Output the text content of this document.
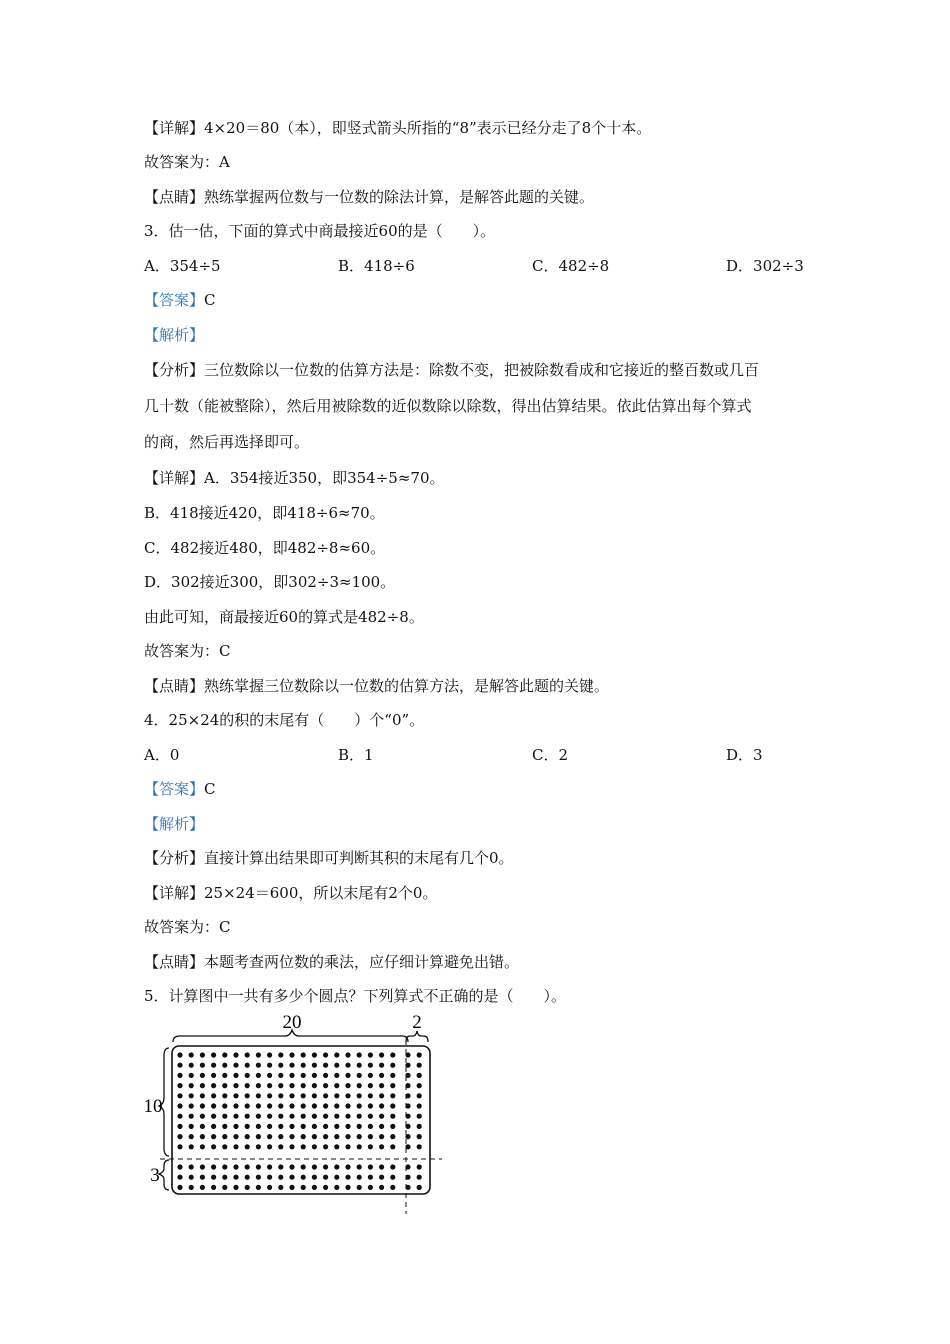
【详解】4×20＝80（本），即竖式箭头所指的“8”表示已经分走了8个十本。
故答案为：A
【点睛】熟练掌握两位数与一位数的除法计算，是解答此题的关键。
3．估一估，下面的算式中商最接近60的是（　　）。
A．354÷5	B．418÷6	C．482÷8	D．302÷3
【答案】C
【解析】
【分析】三位数除以一位数的估算方法是：除数不变，把被除数看成和它接近的整百数或几百
几十数（能被整除），然后用被除数的近似数除以除数，得出估算结果。依此估算出每个算式
的商，然后再选择即可。
【详解】A．354接近350，即354÷5≈70。
B．418接近420，即418÷6≈70。
C．482接近480，即482÷8≈60。
D．302接近300，即302÷3≈100。
由此可知，商最接近60的算式是482÷8。
故答案为：C
【点睛】熟练掌握三位数除以一位数的估算方法，是解答此题的关键。
4．25×24的积的末尾有（　　）个“0”。
A．0	B．1	C．2	D．3
【答案】C
【解析】
【分析】直接计算出结果即可判断其积的末尾有几个0。
【详解】25×24＝600，所以末尾有2个0。
故答案为：C
【点睛】本题考查两位数的乘法，应仔细计算避免出错。
5．计算图中一共有多少个圆点？下列算式不正确的是（　　）。
20	2
10
3
